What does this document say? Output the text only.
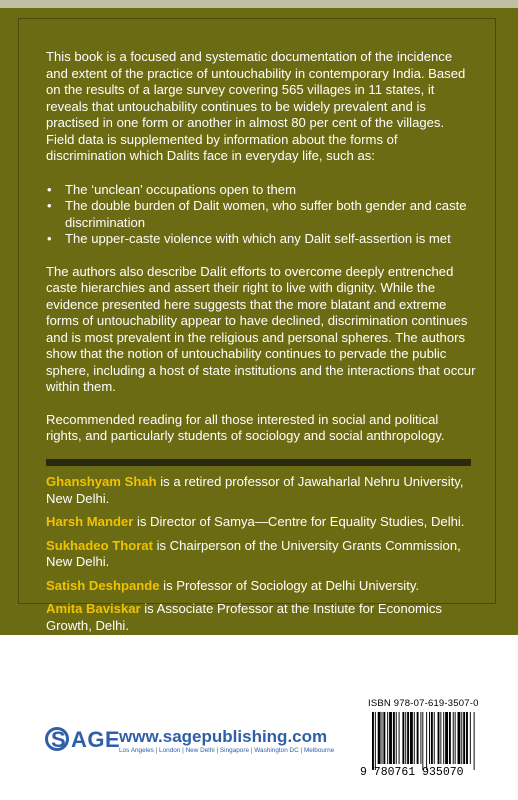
This book is a focused and systematic documentation of the incidence and extent of the practice of untouchability in contemporary India. Based on the results of a large survey covering 565 villages in 11 states, it reveals that untouchability continues to be widely prevalent and is practised in one form or another in almost 80 per cent of the villages. Field data is supplemented by information about the forms of discrimination which Dalits face in everyday life, such as:

• The ‘unclean’ occupations open to them
• The double burden of Dalit women, who suffer both gender and caste discrimination
• The upper-caste violence with which any Dalit self-assertion is met

The authors also describe Dalit efforts to overcome deeply entrenched caste hierarchies and assert their right to live with dignity. While the evidence presented here suggests that the more blatant and extreme forms of untouchability appear to have declined, discrimination continues and is most prevalent in the religious and personal spheres. The authors show that the notion of untouchability continues to pervade the public sphere, including a host of state institutions and the interactions that occur within them.

Recommended reading for all those interested in social and political rights, and particularly students of sociology and social anthropology.

Ghanshyam Shah is a retired professor of Jawaharlal Nehru University, New Delhi.
Harsh Mander is Director of Samya—Centre for Equality Studies, Delhi.
Sukhadeo Thorat is Chairperson of the University Grants Commission, New Delhi.
Satish Deshpande is Professor of Sociology at Delhi University.
Amita Baviskar is Associate Professor at the Instiute for Economics Growth, Delhi.
S AGE
www.sagepublishing.com
Los Angeles | London | New Delhi | Singapore | Washington DC | Melbourne
ISBN 978-07-619-3507-0
9 780761 935070
